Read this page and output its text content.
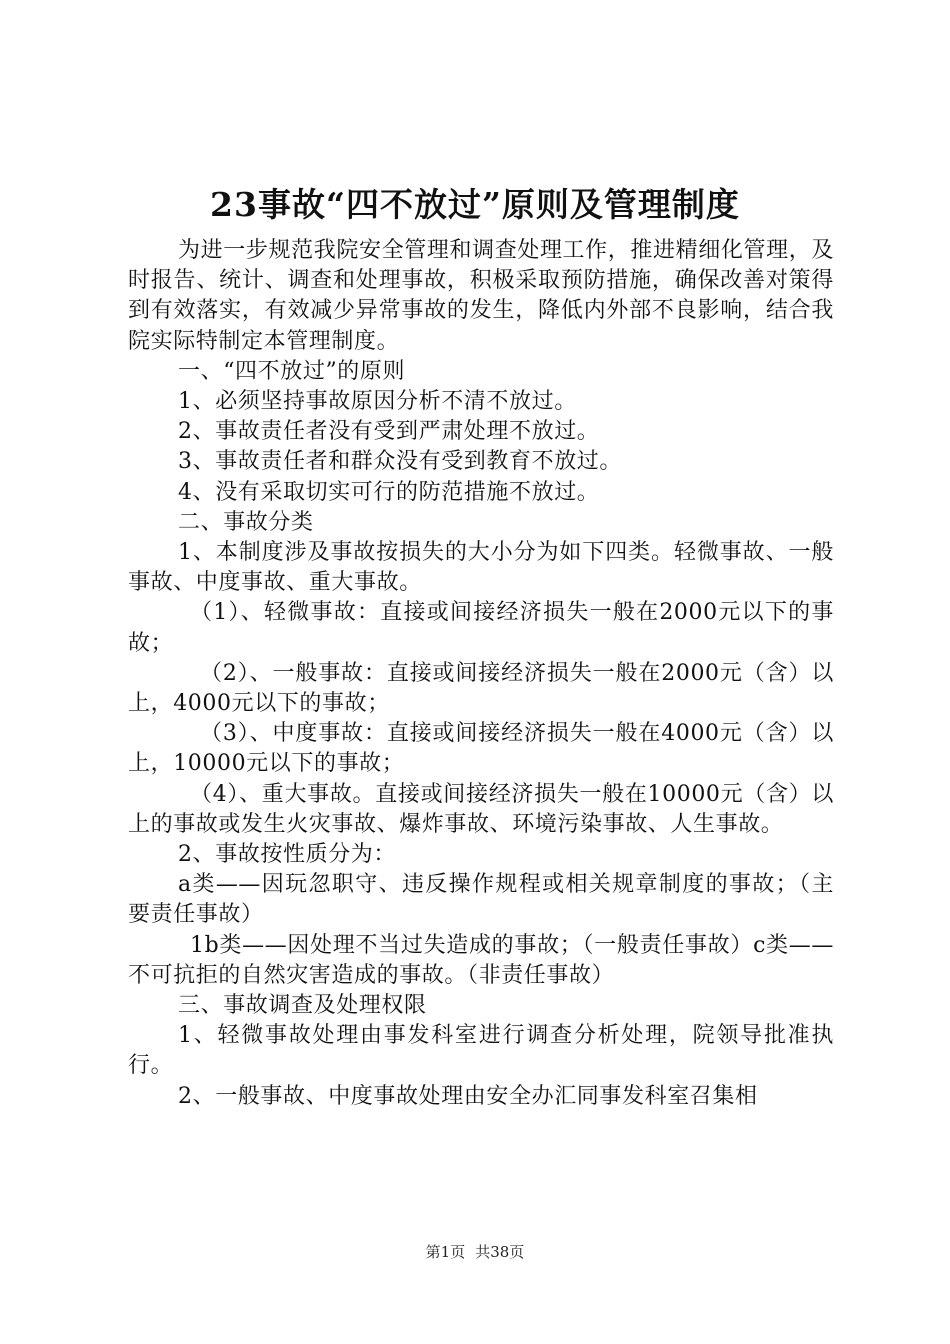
23事故“四不放过”原则及管理制度

为进一步规范我院安全管理和调查处理工作，推进精细化管理，及时报告、统计、调查和处理事故，积极采取预防措施，确保改善对策得到有效落实，有效减少异常事故的发生，降低内外部不良影响，结合我院实际特制定本管理制度。

一、“四不放过”的原则

1、必须坚持事故原因分析不清不放过。

2、事故责任者没有受到严肃处理不放过。

3、事故责任者和群众没有受到教育不放过。

4、没有采取切实可行的防范措施不放过。

二、事故分类

1、本制度涉及事故按损失的大小分为如下四类。轻微事故、一般事故、中度事故、重大事故。

（1）、轻微事故：直接或间接经济损失一般在2000元以下的事故；

（2）、一般事故：直接或间接经济损失一般在2000元（含）以上，4000元以下的事故；

（3）、中度事故：直接或间接经济损失一般在4000元（含）以上，10000元以下的事故；

（4）、重大事故。直接或间接经济损失一般在10000元（含）以上的事故或发生火灾事故、爆炸事故、环境污染事故、人生事故。

2、事故按性质分为：

a类——因玩忽职守、违反操作规程或相关规章制度的事故；（主要责任事故）

1b类——因处理不当过失造成的事故；（一般责任事故）c类——不可抗拒的自然灾害造成的事故。（非责任事故）

三、事故调查及处理权限

1、轻微事故处理由事发科室进行调查分析处理，院领导批准执行。

2、一般事故、中度事故处理由安全办汇同事发科室召集相

第1页 共38页
